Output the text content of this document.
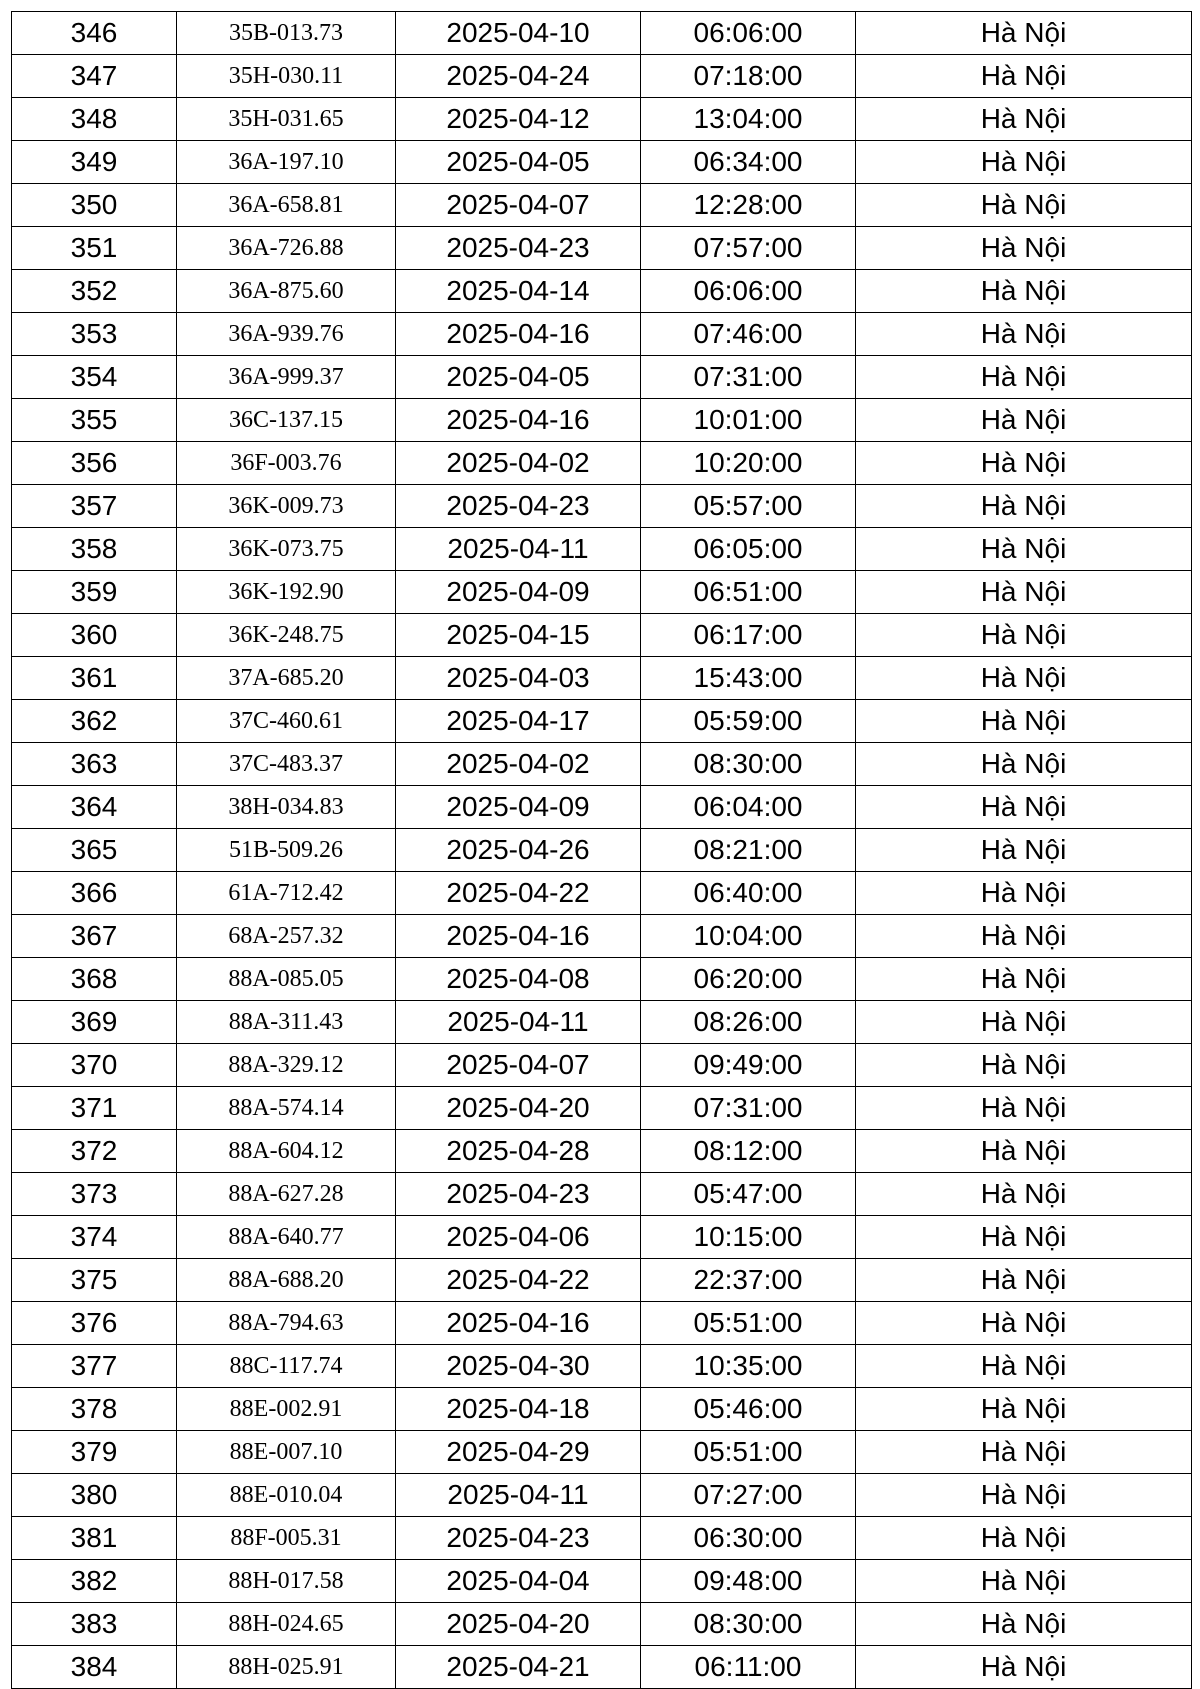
346	35B-013.73	2025-04-10	06:06:00	Hà Nội
347	35H-030.11	2025-04-24	07:18:00	Hà Nội
348	35H-031.65	2025-04-12	13:04:00	Hà Nội
349	36A-197.10	2025-04-05	06:34:00	Hà Nội
350	36A-658.81	2025-04-07	12:28:00	Hà Nội
351	36A-726.88	2025-04-23	07:57:00	Hà Nội
352	36A-875.60	2025-04-14	06:06:00	Hà Nội
353	36A-939.76	2025-04-16	07:46:00	Hà Nội
354	36A-999.37	2025-04-05	07:31:00	Hà Nội
355	36C-137.15	2025-04-16	10:01:00	Hà Nội
356	36F-003.76	2025-04-02	10:20:00	Hà Nội
357	36K-009.73	2025-04-23	05:57:00	Hà Nội
358	36K-073.75	2025-04-11	06:05:00	Hà Nội
359	36K-192.90	2025-04-09	06:51:00	Hà Nội
360	36K-248.75	2025-04-15	06:17:00	Hà Nội
361	37A-685.20	2025-04-03	15:43:00	Hà Nội
362	37C-460.61	2025-04-17	05:59:00	Hà Nội
363	37C-483.37	2025-04-02	08:30:00	Hà Nội
364	38H-034.83	2025-04-09	06:04:00	Hà Nội
365	51B-509.26	2025-04-26	08:21:00	Hà Nội
366	61A-712.42	2025-04-22	06:40:00	Hà Nội
367	68A-257.32	2025-04-16	10:04:00	Hà Nội
368	88A-085.05	2025-04-08	06:20:00	Hà Nội
369	88A-311.43	2025-04-11	08:26:00	Hà Nội
370	88A-329.12	2025-04-07	09:49:00	Hà Nội
371	88A-574.14	2025-04-20	07:31:00	Hà Nội
372	88A-604.12	2025-04-28	08:12:00	Hà Nội
373	88A-627.28	2025-04-23	05:47:00	Hà Nội
374	88A-640.77	2025-04-06	10:15:00	Hà Nội
375	88A-688.20	2025-04-22	22:37:00	Hà Nội
376	88A-794.63	2025-04-16	05:51:00	Hà Nội
377	88C-117.74	2025-04-30	10:35:00	Hà Nội
378	88E-002.91	2025-04-18	05:46:00	Hà Nội
379	88E-007.10	2025-04-29	05:51:00	Hà Nội
380	88E-010.04	2025-04-11	07:27:00	Hà Nội
381	88F-005.31	2025-04-23	06:30:00	Hà Nội
382	88H-017.58	2025-04-04	09:48:00	Hà Nội
383	88H-024.65	2025-04-20	08:30:00	Hà Nội
384	88H-025.91	2025-04-21	06:11:00	Hà Nội
